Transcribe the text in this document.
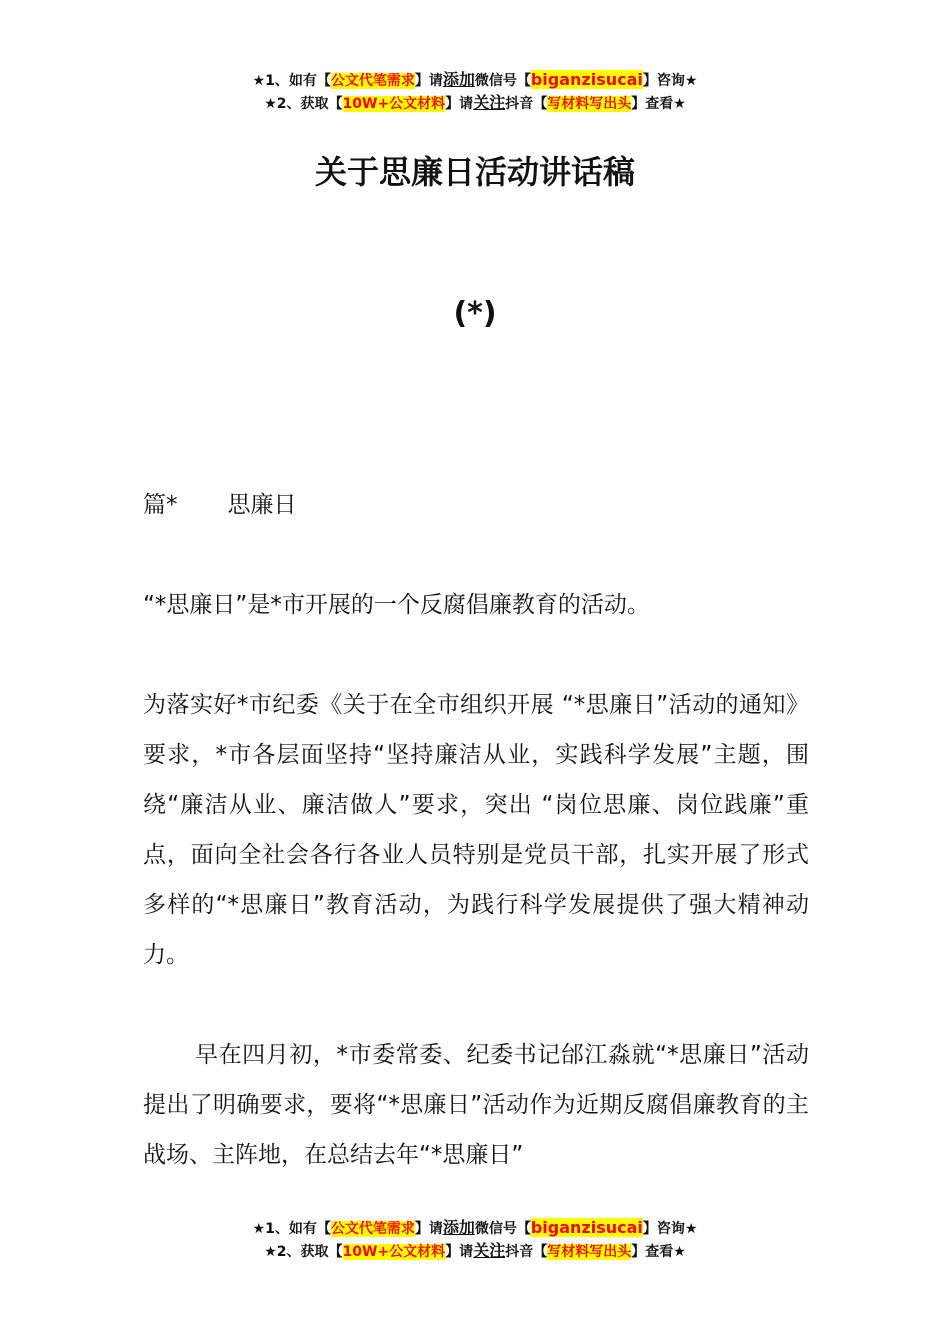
★1、如有【公文代笔需求】请添加微信号【biganzisucai】咨询★
★2、获取【10W+公文材料】请关注抖音【写材料写出头】查看★
关于思廉日活动讲话稿
(*)
篇* 思廉日
“*思廉日”是*市开展的一个反腐倡廉教育的活动。
为落实好*市纪委《关于在全市组织开展 “*思廉日”活动的通知》要求，*市各层面坚持“坚持廉洁从业，实践科学发展”主题，围绕“廉洁从业、廉洁做人”要求，突出 “岗位思廉、岗位践廉”重点，面向全社会各行各业人员特别是党员干部，扎实开展了形式多样的“*思廉日”教育活动，为践行科学发展提供了强大精神动力。
早在四月初，*市委常委、纪委书记邰江淼就“*思廉日”活动提出了明确要求，要将“*思廉日”活动作为近期反腐倡廉教育的主战场、主阵地，在总结去年“*思廉日”
★1、如有【公文代笔需求】请添加微信号【biganzisucai】咨询★
★2、获取【10W+公文材料】请关注抖音【写材料写出头】查看★
